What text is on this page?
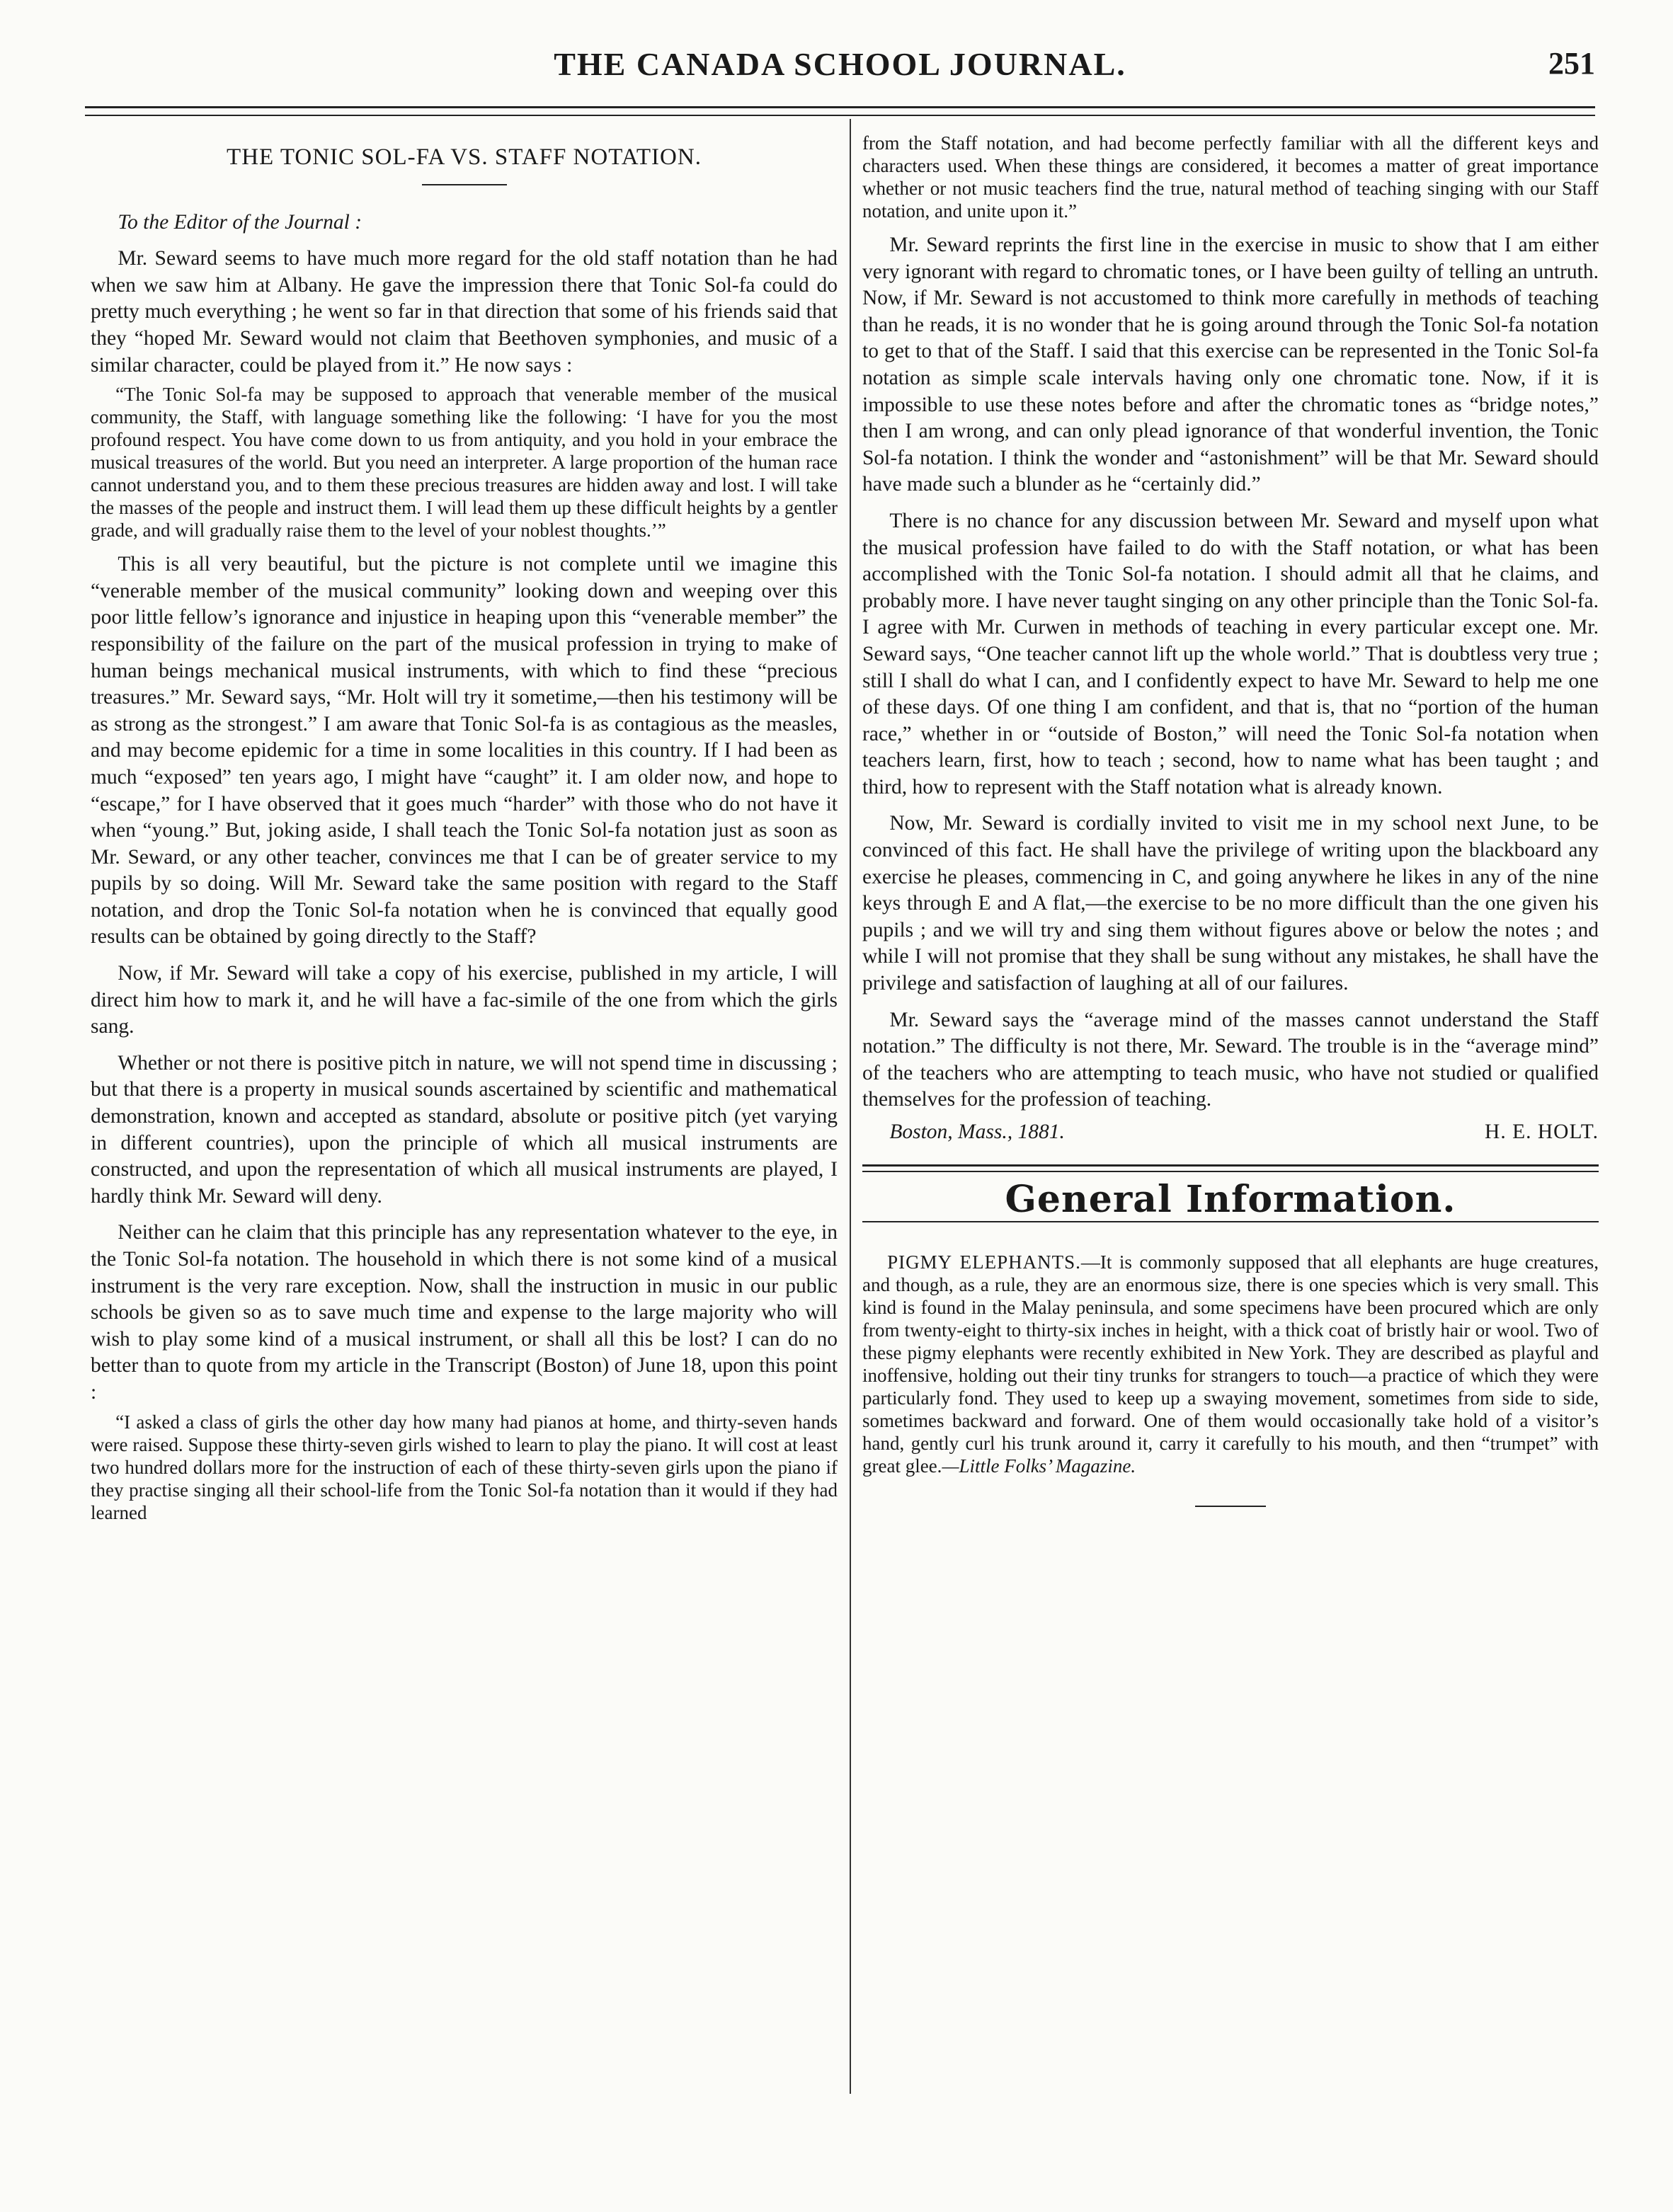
THE CANADA SCHOOL JOURNAL.	251
THE TONIC SOL-FA VS. STAFF NOTATION.
To the Editor of the Journal :

Mr. Seward seems to have much more regard for the old staff notation than he had when we saw him at Albany. He gave the impression there that Tonic Sol-fa could do pretty much everything ; he went so far in that direction that some of his friends said that they “hoped Mr. Seward would not claim that Beethoven symphonies, and music of a similar character, could be played from it.” He now says :

“The Tonic Sol-fa may be supposed to approach that venerable member of the musical community, the Staff, with language something like the following: ‘I have for you the most profound respect. You have come down to us from antiquity, and you hold in your embrace the musical treasures of the world. But you need an interpreter. A large proportion of the human race cannot understand you, and to them these precious treasures are hidden away and lost. I will take the masses of the people and instruct them. I will lead them up these difficult heights by a gentler grade, and will gradually raise them to the level of your noblest thoughts.’”

This is all very beautiful, but the picture is not complete until we imagine this “venerable member of the musical community” looking down and weeping over this poor little fellow’s ignorance and injustice in heaping upon this “venerable member” the responsibility of the failure on the part of the musical profession in trying to make of human beings mechanical musical instruments, with which to find these “precious treasures.” Mr. Seward says, “Mr. Holt will try it sometime,—then his testimony will be as strong as the strongest.” I am aware that Tonic Sol-fa is as contagious as the measles, and may become epidemic for a time in some localities in this country. If I had been as much “exposed” ten years ago, I might have “caught” it. I am older now, and hope to “escape,” for I have observed that it goes much “harder” with those who do not have it when “young.” But, joking aside, I shall teach the Tonic Sol-fa notation just as soon as Mr. Seward, or any other teacher, convinces me that I can be of greater service to my pupils by so doing. Will Mr. Seward take the same position with regard to the Staff notation, and drop the Tonic Sol-fa notation when he is convinced that equally good results can be obtained by going directly to the Staff?

Now, if Mr. Seward will take a copy of his exercise, published in my article, I will direct him how to mark it, and he will have a fac-simile of the one from which the girls sang.

Whether or not there is positive pitch in nature, we will not spend time in discussing ; but that there is a property in musical sounds ascertained by scientific and mathematical demonstration, known and accepted as standard, absolute or positive pitch (yet varying in different countries), upon the principle of which all musical instruments are constructed, and upon the representation of which all musical instruments are played, I hardly think Mr. Seward will deny.

Neither can he claim that this principle has any representation whatever to the eye, in the Tonic Sol-fa notation. The household in which there is not some kind of a musical instrument is the very rare exception. Now, shall the instruction in music in our public schools be given so as to save much time and expense to the large majority who will wish to play some kind of a musical instrument, or shall all this be lost? I can do no better than to quote from my article in the Transcript (Boston) of June 18, upon this point :

“I asked a class of girls the other day how many had pianos at home, and thirty-seven hands were raised. Suppose these thirty-seven girls wished to learn to play the piano. It will cost at least two hundred dollars more for the instruction of each of these thirty-seven girls upon the piano if they practise singing all their school-life from the Tonic Sol-fa notation than it would if they had learned

from the Staff notation, and had become perfectly familiar with all the different keys and characters used. When these things are considered, it becomes a matter of great importance whether or not music teachers find the true, natural method of teaching singing with our Staff notation, and unite upon it.”

Mr. Seward reprints the first line in the exercise in music to show that I am either very ignorant with regard to chromatic tones, or I have been guilty of telling an untruth. Now, if Mr. Seward is not accustomed to think more carefully in methods of teaching than he reads, it is no wonder that he is going around through the Tonic Sol-fa notation to get to that of the Staff. I said that this exercise can be represented in the Tonic Sol-fa notation as simple scale intervals having only one chromatic tone. Now, if it is impossible to use these notes before and after the chromatic tones as “bridge notes,” then I am wrong, and can only plead ignorance of that wonderful invention, the Tonic Sol-fa notation. I think the wonder and “astonishment” will be that Mr. Seward should have made such a blunder as he “certainly did.”

There is no chance for any discussion between Mr. Seward and myself upon what the musical profession have failed to do with the Staff notation, or what has been accomplished with the Tonic Sol-fa notation. I should admit all that he claims, and probably more. I have never taught singing on any other principle than the Tonic Sol-fa. I agree with Mr. Curwen in methods of teaching in every particular except one. Mr. Seward says, “One teacher cannot lift up the whole world.” That is doubtless very true ; still I shall do what I can, and I confidently expect to have Mr. Seward to help me one of these days. Of one thing I am confident, and that is, that no “portion of the human race,” whether in or “outside of Boston,” will need the Tonic Sol-fa notation when teachers learn, first, how to teach ; second, how to name what has been taught ; and third, how to represent with the Staff notation what is already known.

Now, Mr. Seward is cordially invited to visit me in my school next June, to be convinced of this fact. He shall have the privilege of writing upon the blackboard any exercise he pleases, commencing in C, and going anywhere he likes in any of the nine keys through E and A flat,—the exercise to be no more difficult than the one given his pupils ; and we will try and sing them without figures above or below the notes ; and while I will not promise that they shall be sung without any mistakes, he shall have the privilege and satisfaction of laughing at all of our failures.

Mr. Seward says the “average mind of the masses cannot understand the Staff notation.” The difficulty is not there, Mr. Seward. The trouble is in the “average mind” of the teachers who are attempting to teach music, who have not studied or qualified themselves for the profession of teaching.

Boston, Mass., 1881.	H. E. HOLT.
General Information.

PIGMY ELEPHANTS.—It is commonly supposed that all elephants are huge creatures, and though, as a rule, they are an enormous size, there is one species which is very small. This kind is found in the Malay peninsula, and some specimens have been procured which are only from twenty-eight to thirty-six inches in height, with a thick coat of bristly hair or wool. Two of these pigmy elephants were recently exhibited in New York. They are described as playful and inoffensive, holding out their tiny trunks for strangers to touch—a practice of which they were particularly fond. They used to keep up a swaying movement, sometimes from side to side, sometimes backward and forward. One of them would occasionally take hold of a visitor’s hand, gently curl his trunk around it, carry it carefully to his mouth, and then “trumpet” with great glee.—Little Folks’ Magazine.
